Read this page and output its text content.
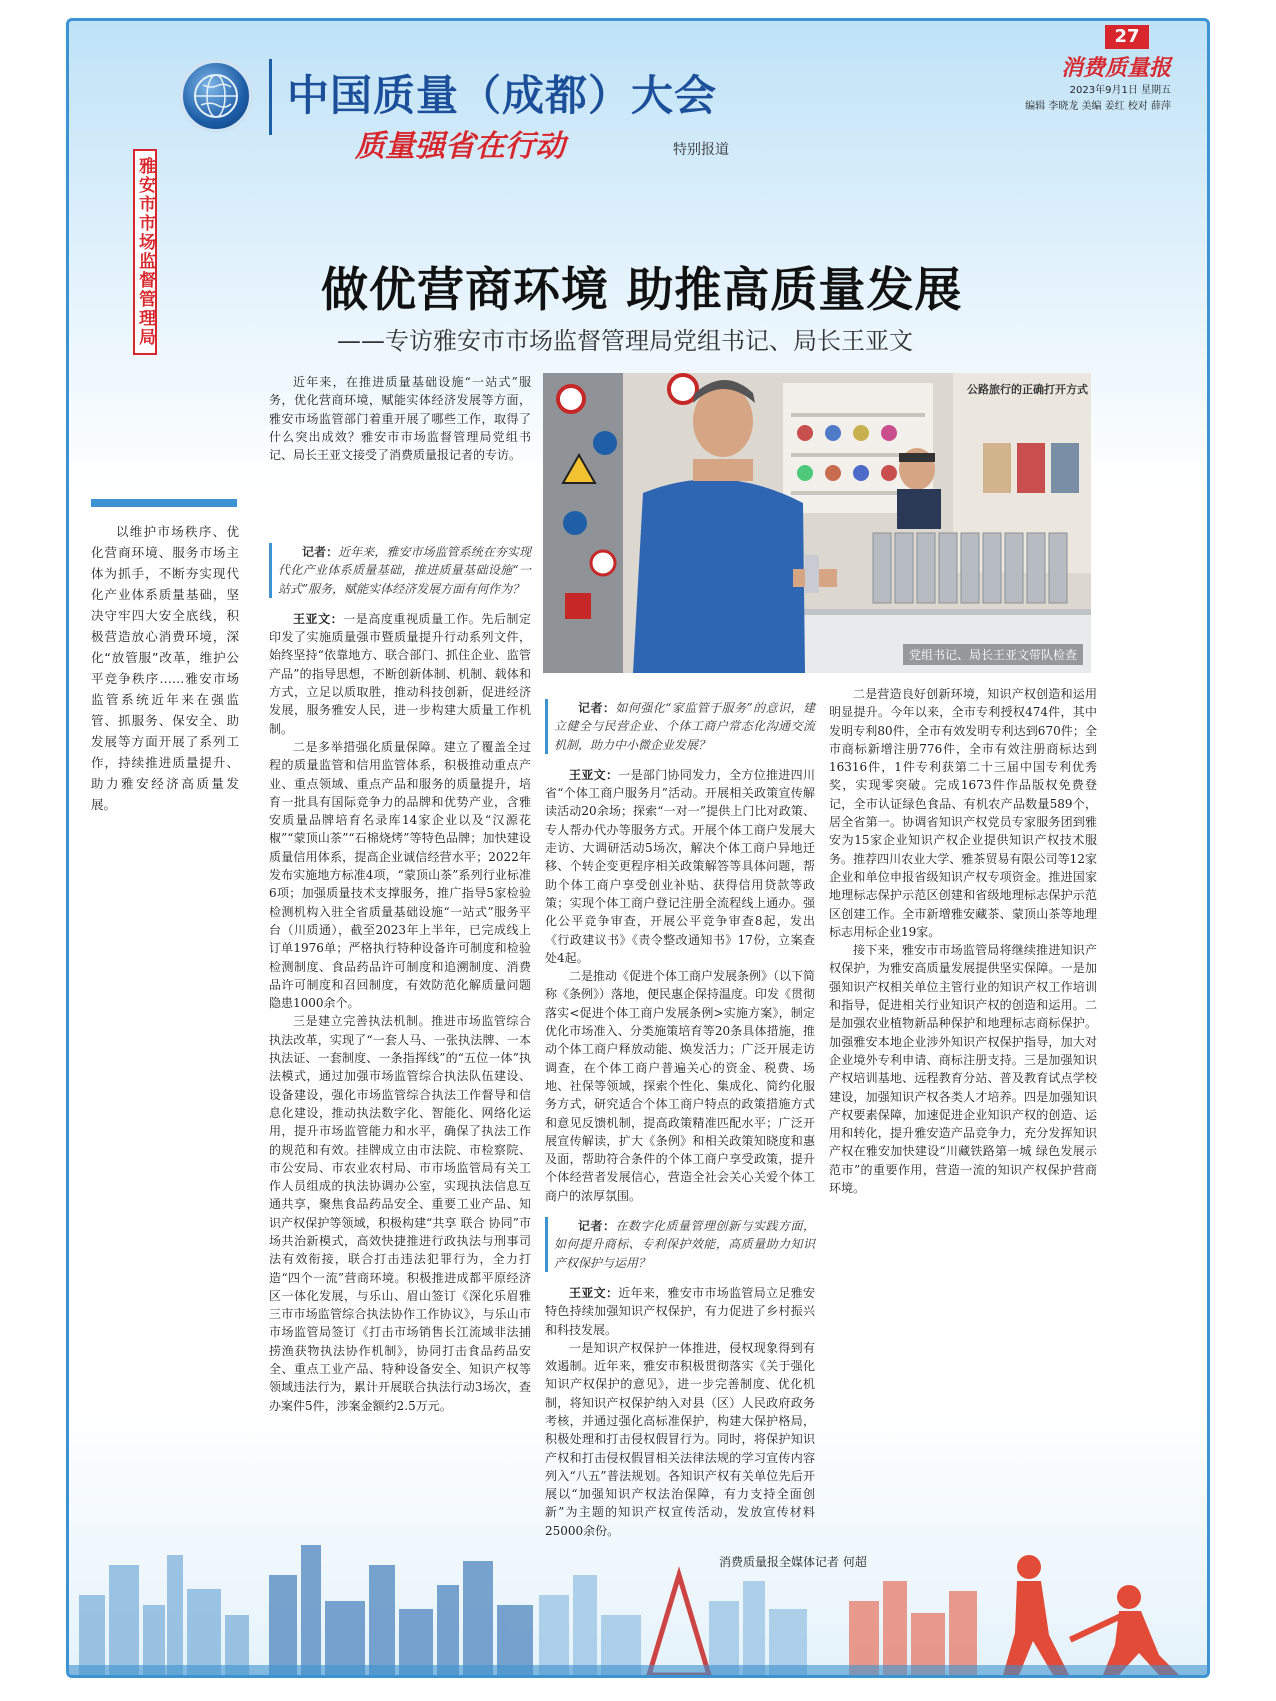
中国质量（成都）大会
质量强省在行动	特别报道
27
消费质量报
2023年9月1日 星期五
编辑 李晓龙 美编 姜红 校对 薛萍
雅安市市场监督管理局	做优营商环境 助推高质量发展
——专访雅安市市场监督管理局党组书记、局长王亚文
以维护市场秩序、优化营商环境、服务市场主体为抓手，不断夯实现代化产业体系质量基础，坚决守牢四大安全底线，积极营造放心消费环境，深化“放管服”改革，维护公平竞争秩序……雅安市场监管系统近年来在强监管、抓服务、保安全、助发展等方面开展了系列工作，持续推进质量提升、助力雅安经济高质量发展。

近年来，在推进质量基础设施“一站式”服务，优化营商环境，赋能实体经济发展等方面，雅安市场监管部门着重开展了哪些工作，取得了什么突出成效？雅安市市场监督管理局党组书记、局长王亚文接受了消费质量报记者的专访。

记者：近年来，雅安市场监管系统在夯实现代化产业体系质量基础，推进质量基础设施“一站式”服务，赋能实体经济发展方面有何作为？

王亚文：一是高度重视质量工作。先后制定印发了实施质量强市暨质量提升行动系列文件，始终坚持“依靠地方、联合部门、抓住企业、监管产品”的指导思想，不断创新体制、机制、载体和方式，立足以质取胜，推动科技创新，促进经济发展，服务雅安人民，进一步构建大质量工作机制。

二是多举措强化质量保障。建立了覆盖全过程的质量监管和信用监管体系，积极推动重点产业、重点领域、重点产品和服务的质量提升，培育一批具有国际竞争力的品牌和优势产业，含雅安质量品牌培育名录库14家企业以及“汉源花椒”“蒙顶山茶”“石棉烧烤”等特色品牌；加快建设质量信用体系，提高企业诚信经营水平；2022年发布实施地方标准4项，“蒙顶山茶”系列行业标准6项；加强质量技术支撑服务，推广指导5家检验检测机构入驻全省质量基础设施“一站式”服务平台（川质通），截至2023年上半年，已完成线上订单1976单；严格执行特种设备许可制度和检验检测制度、食品药品许可制度和追溯制度、消费品许可制度和召回制度，有效防范化解质量问题隐患1000余个。

三是建立完善执法机制。推进市场监管综合执法改革，实现了“一套人马、一张执法牌、一本执法证、一套制度、一条指挥线”的“五位一体”执法模式，通过加强市场监管综合执法队伍建设、设备建设，强化市场监管综合执法工作督导和信息化建设，推动执法数字化、智能化、网络化运用，提升市场监管能力和水平，确保了执法工作的规范和有效。挂牌成立由市法院、市检察院、市公安局、市农业农村局、市市场监管局有关工作人员组成的执法协调办公室，实现执法信息互通共享，聚焦食品药品安全、重要工业产品、知识产权保护等领域，积极构建“共享 联合 协同”市场共治新模式，高效快捷推进行政执法与刑事司法有效衔接，联合打击违法犯罪行为，全力打造“四个一流”营商环境。积极推进成都平原经济区一体化发展，与乐山、眉山签订《深化乐眉雅三市市场监管综合执法协作工作协议》，与乐山市市场监管局签订《打击市场销售长江流域非法捕捞渔获物执法协作机制》，协同打击食品药品安全、重点工业产品、特种设备安全、知识产权等领域违法行为，累计开展联合执法行动3场次，查办案件5件，涉案金额约2.5万元。

公路旅行的正确打开方式
党组书记、局长王亚文带队检查

记者：如何强化“家监管于服务”的意识，建立健全与民营企业、个体工商户常态化沟通交流机制，助力中小微企业发展？

王亚文：一是部门协同发力，全方位推进四川省“个体工商户服务月”活动。开展相关政策宣传解读活动20余场；探索“一对一”提供上门比对政策、专人帮办代办等服务方式。开展个体工商户发展大走访、大调研活动5场次，解决个体工商户异地迁移、个转企变更程序相关政策解答等具体问题，帮助个体工商户享受创业补贴、获得信用贷款等政策；实现个体工商户登记注册全流程线上通办。强化公平竞争审查，开展公平竞争审查8起，发出《行政建议书》《责令整改通知书》17份，立案查处4起。

二是推动《促进个体工商户发展条例》（以下简称《条例》）落地，便民惠企保持温度。印发《贯彻落实<促进个体工商户发展条例>实施方案》，制定优化市场准入、分类施策培育等20条具体措施，推动个体工商户释放动能、焕发活力；广泛开展走访调查，在个体工商户普遍关心的资金、税费、场地、社保等领域，探索个性化、集成化、简约化服务方式，研究适合个体工商户特点的政策措施方式和意见反馈机制，提高政策精准匹配水平；广泛开展宣传解读，扩大《条例》和相关政策知晓度和惠及面，帮助符合条件的个体工商户享受政策，提升个体经营者发展信心，营造全社会关心关爱个体工商户的浓厚氛围。

记者：在数字化质量管理创新与实践方面，如何提升商标、专利保护效能，高质量助力知识产权保护与运用？

王亚文：近年来，雅安市市场监管局立足雅安特色持续加强知识产权保护，有力促进了乡村振兴和科技发展。

一是知识产权保护一体推进，侵权现象得到有效遏制。近年来，雅安市积极贯彻落实《关于强化知识产权保护的意见》，进一步完善制度、优化机制，将知识产权保护纳入对县（区）人民政府政务考核，并通过强化高标准保护，构建大保护格局，积极处理和打击侵权假冒行为。同时，将保护知识产权和打击侵权假冒相关法律法规的学习宣传内容列入“八五”普法规划。各知识产权有关单位先后开展以“加强知识产权法治保障，有力支持全面创新”为主题的知识产权宣传活动，发放宣传材料25000余份。

二是营造良好创新环境，知识产权创造和运用明显提升。今年以来，全市专利授权474件，其中发明专利80件，全市有效发明专利达到670件；全市商标新增注册776件，全市有效注册商标达到16316件，1件专利获第二十三届中国专利优秀奖，实现零突破。完成1673件作品版权免费登记，全市认证绿色食品、有机农产品数量589个，居全省第一。协调省知识产权党员专家服务团到雅安为15家企业知识产权企业提供知识产权技术服务。推荐四川农业大学、雅茶贸易有限公司等12家企业和单位申报省级知识产权专项资金。推进国家地理标志保护示范区创建和省级地理标志保护示范区创建工作。全市新增雅安藏茶、蒙顶山茶等地理标志用标企业19家。

接下来，雅安市市场监管局将继续推进知识产权保护，为雅安高质量发展提供坚实保障。一是加强知识产权相关单位主管行业的知识产权工作培训和指导，促进相关行业知识产权的创造和运用。二是加强农业植物新品种保护和地理标志商标保护。加强雅安本地企业涉外知识产权保护指导，加大对企业境外专利申请、商标注册支持。三是加强知识产权培训基地、远程教育分站、普及教育试点学校建设，加强知识产权各类人才培养。四是加强知识产权要素保障，加速促进企业知识产权的创造、运用和转化，提升雅安造产品竞争力，充分发挥知识产权在雅安加快建设“川藏铁路第一城 绿色发展示范市”的重要作用，营造一流的知识产权保护营商环境。

消费质量报全媒体记者 何超
